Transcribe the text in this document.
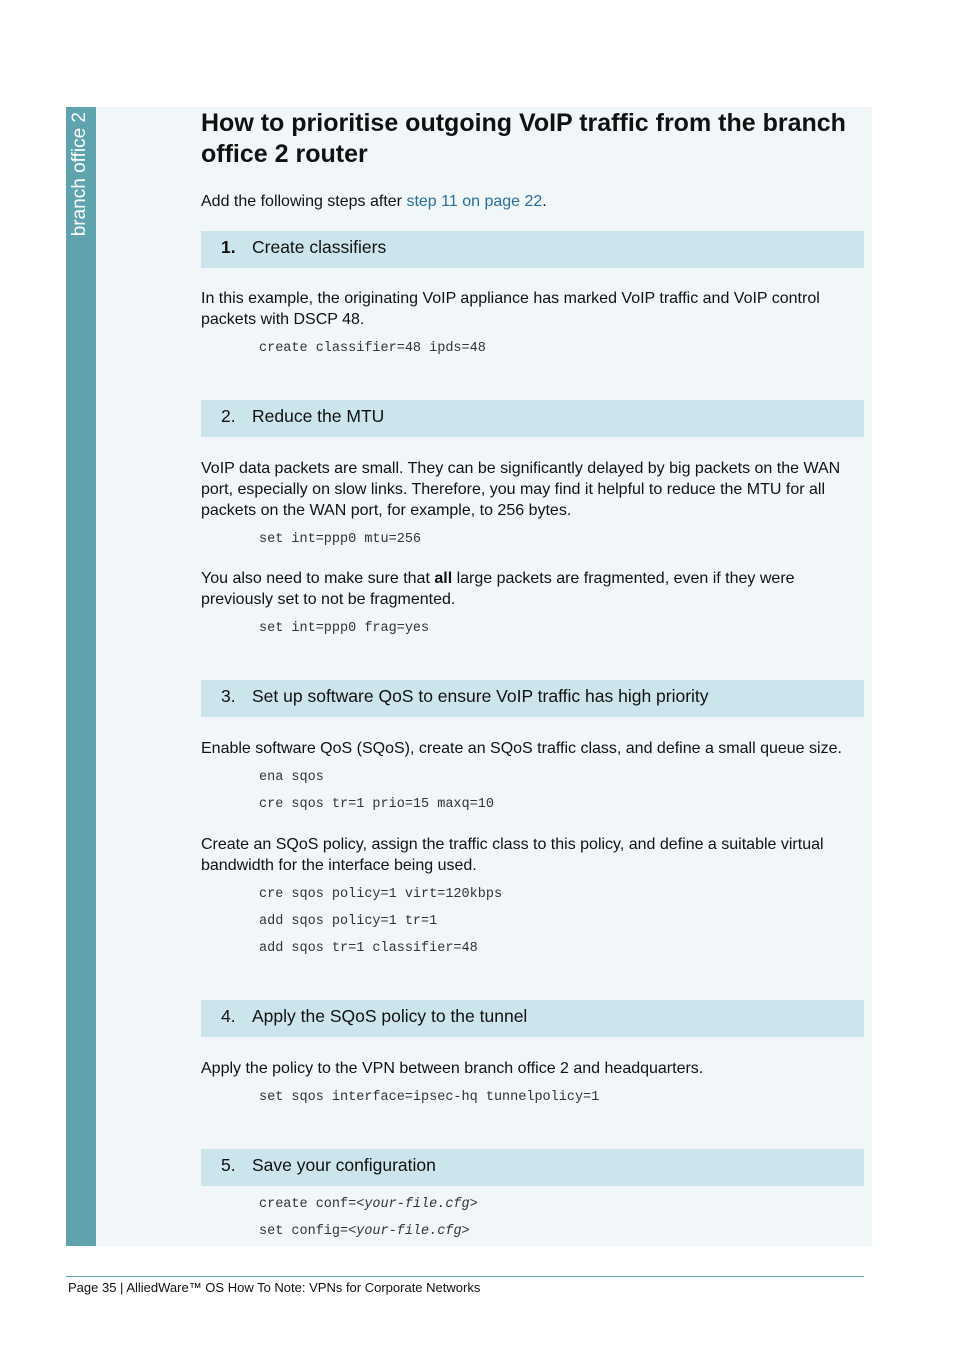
branch office 2	How to prioritise outgoing VoIP traffic from the branch office 2 router

Add the following steps after step 11 on page 22.

1. Create classifiers

In this example, the originating VoIP appliance has marked VoIP traffic and VoIP control packets with DSCP 48.

create classifier=48 ipds=48
2. Reduce the MTU

VoIP data packets are small. They can be significantly delayed by big packets on the WAN port, especially on slow links. Therefore, you may find it helpful to reduce the MTU for all packets on the WAN port, for example, to 256 bytes.

set int=ppp0 mtu=256

You also need to make sure that all large packets are fragmented, even if they were previously set to not be fragmented.

set int=ppp0 frag=yes
3. Set up software QoS to ensure VoIP traffic has high priority

Enable software QoS (SQoS), create an SQoS traffic class, and define a small queue size.

ena sqos
cre sqos tr=1 prio=15 maxq=10

Create an SQoS policy, assign the traffic class to this policy, and define a suitable virtual bandwidth for the interface being used.

cre sqos policy=1 virt=120kbps
add sqos policy=1 tr=1
add sqos tr=1 classifier=48
4. Apply the SQoS policy to the tunnel

Apply the policy to the VPN between branch office 2 and headquarters.

set sqos interface=ipsec-hq tunnelpolicy=1
5. Save your configuration
create conf=<your-file.cfg>
set config=<your-file.cfg>
Page 35 | AlliedWare™ OS How To Note: VPNs for Corporate Networks
